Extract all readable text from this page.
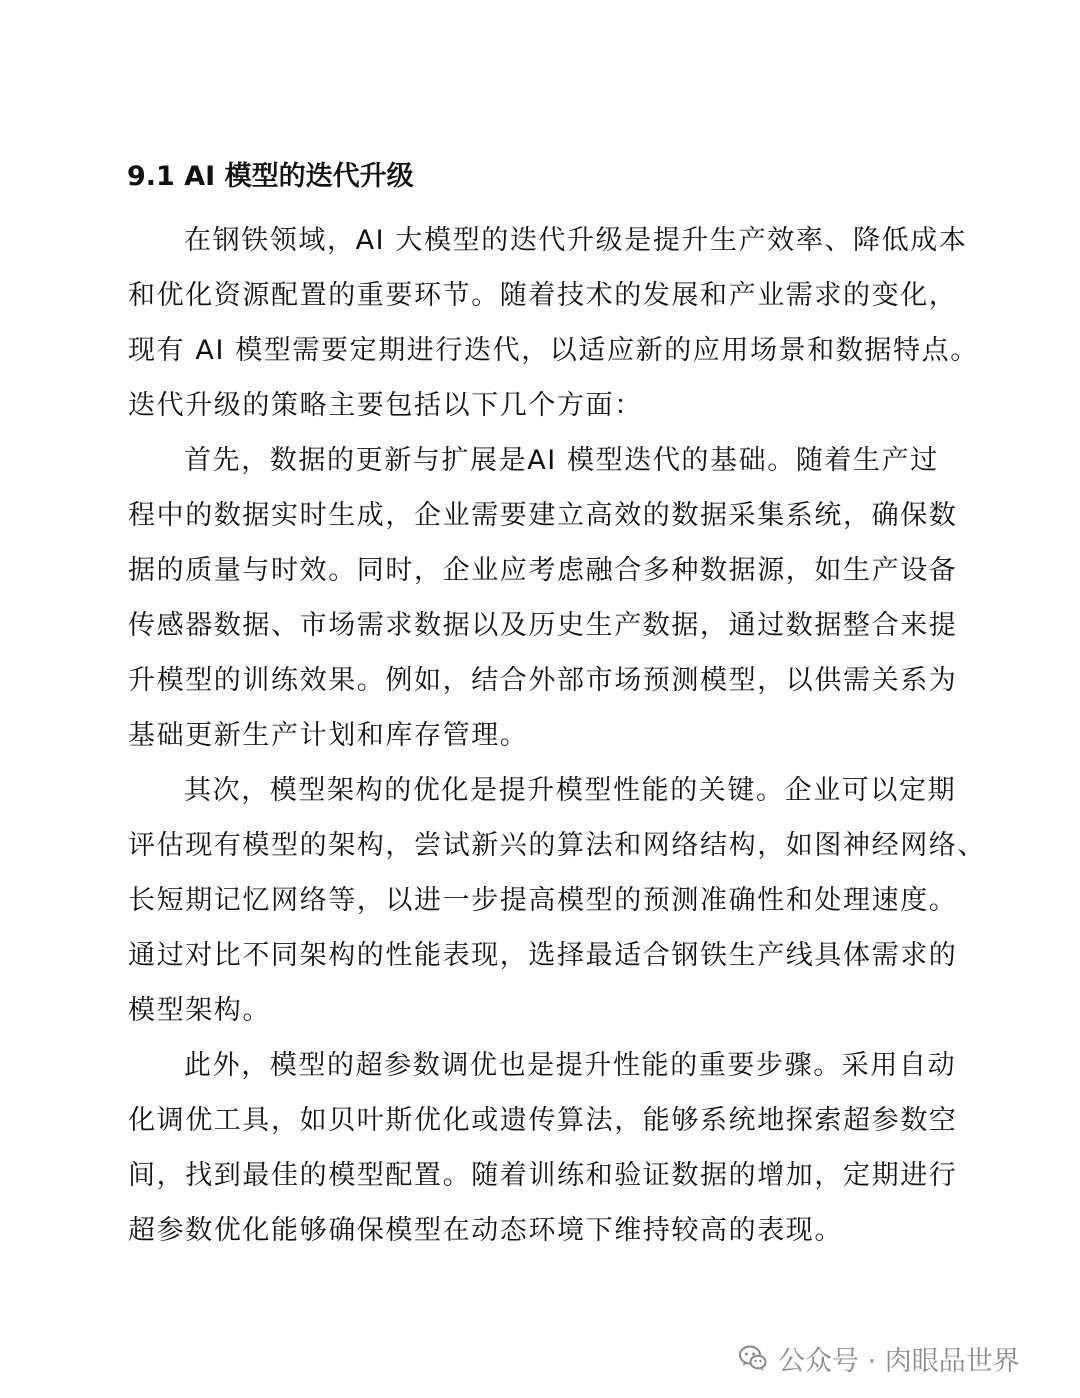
9.1 AI 模型的迭代升级
在钢铁领域，AI 大模型的迭代升级是提升生产效率、降低成本
和优化资源配置的重要环节。随着技术的发展和产业需求的变化，
现有 AI 模型需要定期进行迭代，以适应新的应用场景和数据特点。
迭代升级的策略主要包括以下几个方面：
首先，数据的更新与扩展是AI 模型迭代的基础。随着生产过
程中的数据实时生成，企业需要建立高效的数据采集系统，确保数
据的质量与时效。同时，企业应考虑融合多种数据源，如生产设备
传感器数据、市场需求数据以及历史生产数据，通过数据整合来提
升模型的训练效果。例如，结合外部市场预测模型，以供需关系为
基础更新生产计划和库存管理。
其次，模型架构的优化是提升模型性能的关键。企业可以定期
评估现有模型的架构，尝试新兴的算法和网络结构，如图神经网络、
长短期记忆网络等，以进一步提高模型的预测准确性和处理速度。
通过对比不同架构的性能表现，选择最适合钢铁生产线具体需求的
模型架构。
此外，模型的超参数调优也是提升性能的重要步骤。采用自动
化调优工具，如贝叶斯优化或遗传算法，能够系统地探索超参数空
间，找到最佳的模型配置。随着训练和验证数据的增加，定期进行
超参数优化能够确保模型在动态环境下维持较高的表现。
公众号 · 肉眼品世界
